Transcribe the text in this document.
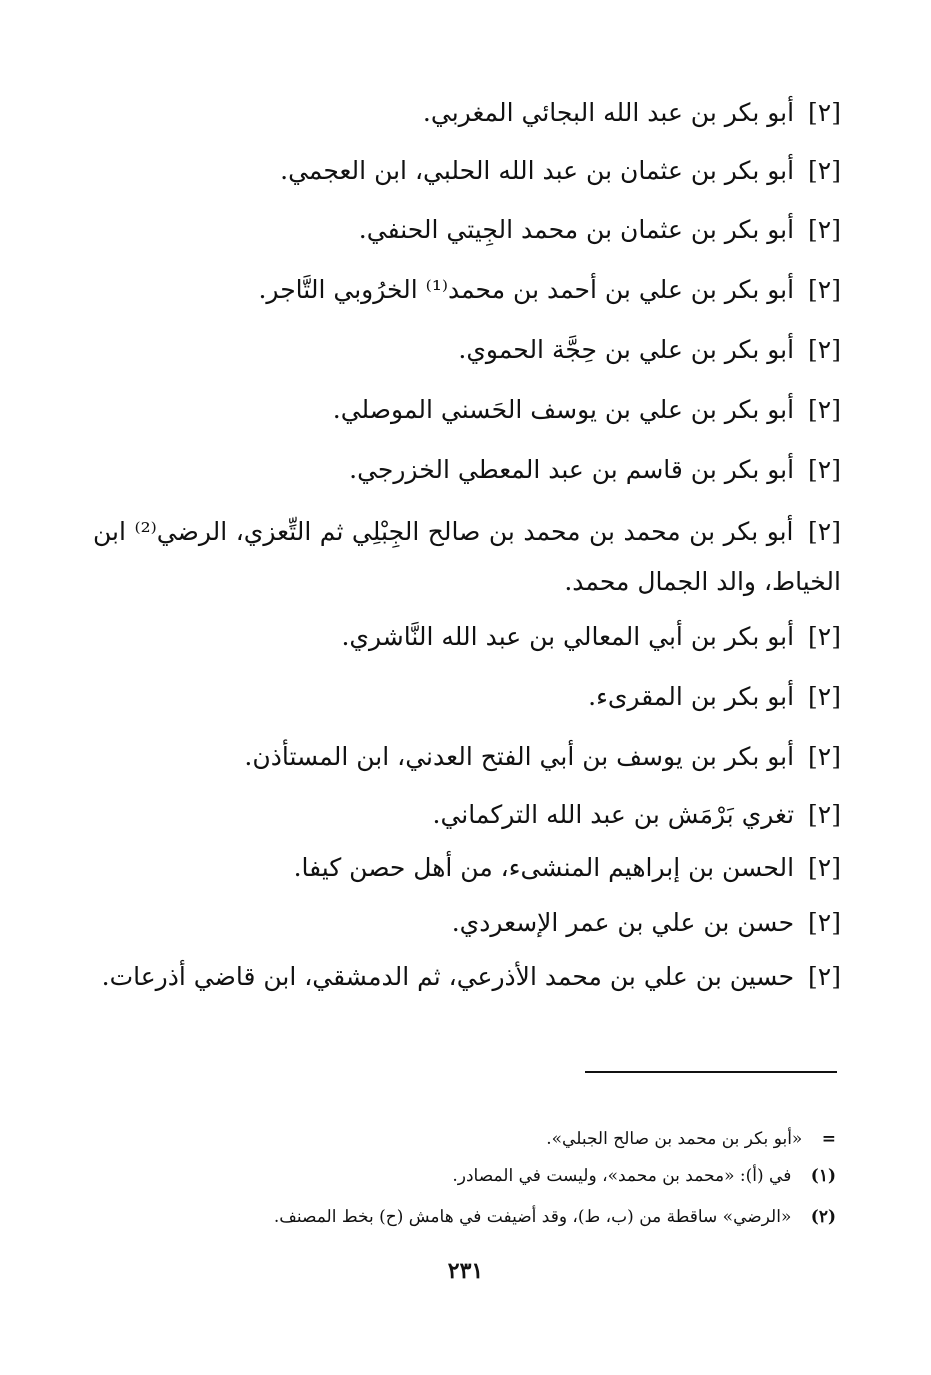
[٢] أبو بكر بن عبد الله البجائي المغربي.
[٢] أبو بكر بن عثمان بن عبد الله الحلبي، ابن العجمي.
[٢] أبو بكر بن عثمان بن محمد الجِيتي الحنفي.
[٢] أبو بكر بن علي بن أحمد بن محمد⁽¹⁾ الخرُوبي التَّاجر.
[٢] أبو بكر بن علي بن حِجَّة الحموي.
[٢] أبو بكر بن علي بن يوسف الحَسني الموصلي.
[٢] أبو بكر بن قاسم بن عبد المعطي الخزرجي.
[٢] أبو بكر بن محمد بن محمد بن صالح الجِبْلِي ثم التِّعزي، الرضي⁽²⁾ ابن الخياط، والد الجمال محمد.
[٢] أبو بكر بن أبي المعالي بن عبد الله النَّاشري.
[٢] أبو بكر بن المقرىء.
[٢] أبو بكر بن يوسف بن أبي الفتح العدني، ابن المستأذن.
[٢] تغري بَرْمَش بن عبد الله التركماني.
[٢] الحسن بن إبراهيم المنشىء، من أهل حصن كيفا.
[٢] حسن بن علي بن عمر الإسعردي.
[٢] حسين بن علي بن محمد الأذرعي، ثم الدمشقي، ابن قاضي أذرعات.
= «أبو بكر بن محمد بن صالح الجبلي».
(١) في (أ): «محمد بن محمد»، وليست في المصادر.
(٢) «الرضي» ساقطة من (ب، ط)، وقد أضيفت في هامش (ح) بخط المصنف.
٢٣١
